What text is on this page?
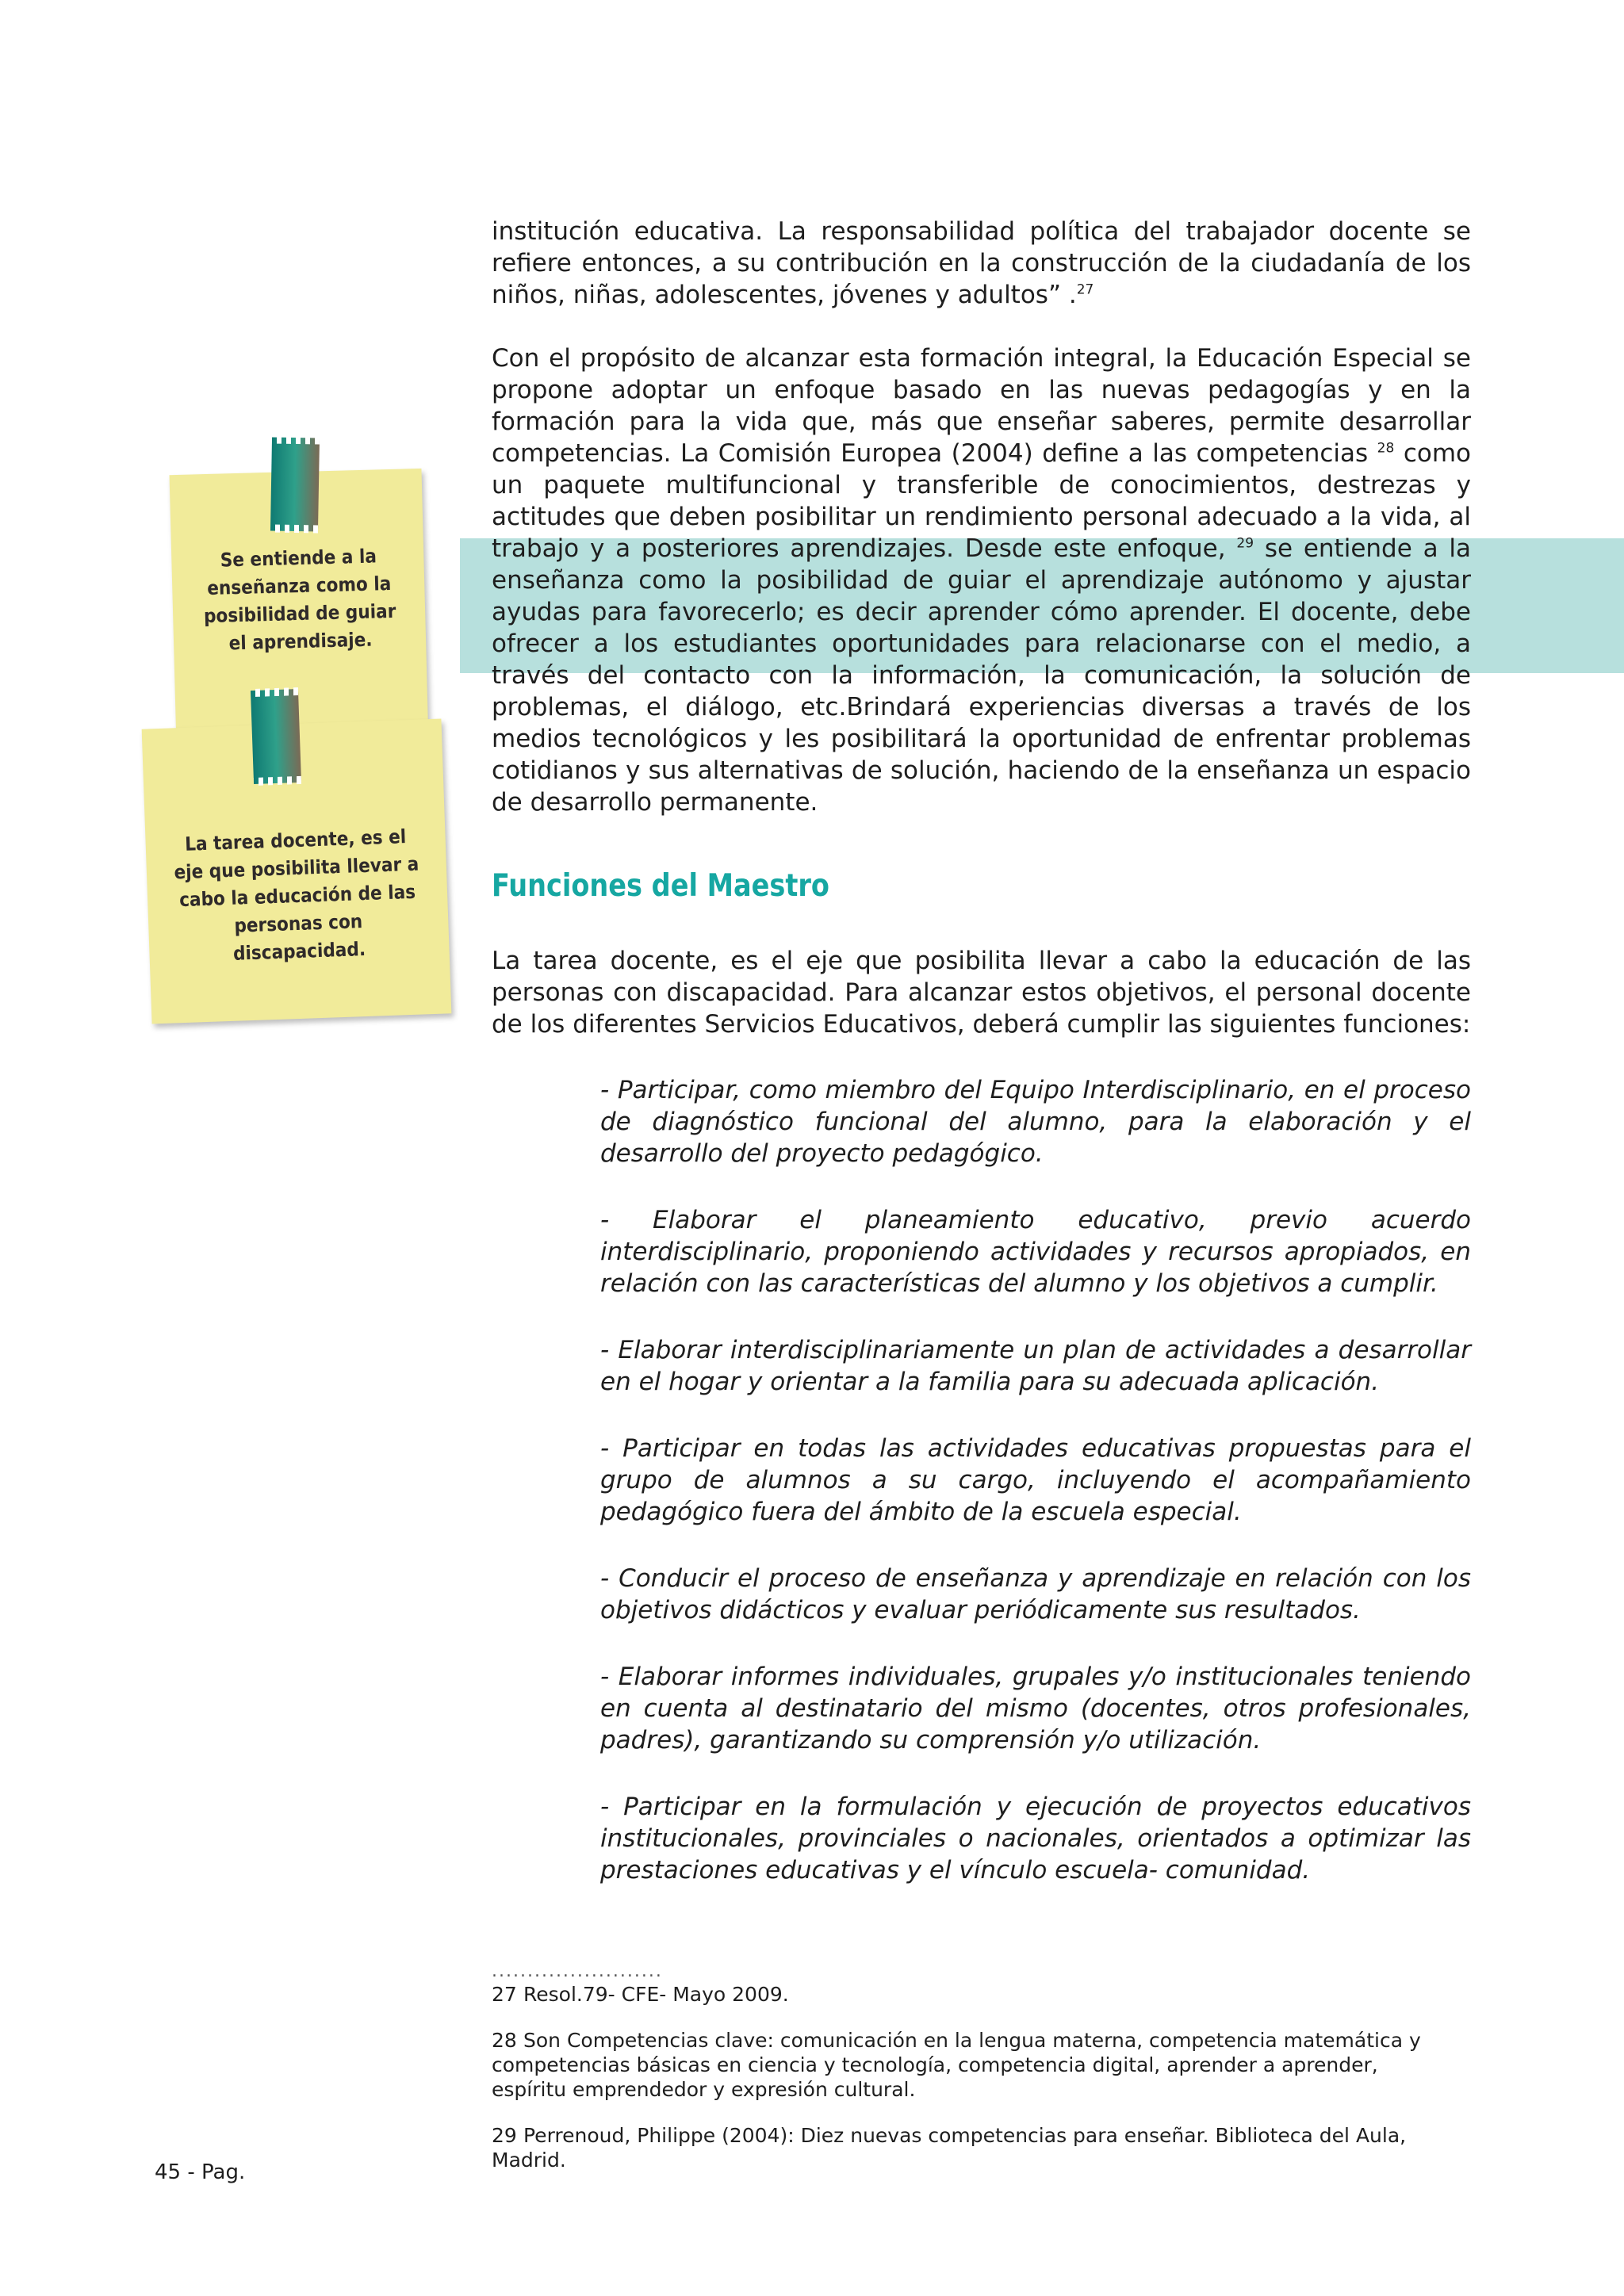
institución educativa. La responsabilidad política del trabajador docente se refiere entonces, a su contribución en la construcción de la ciudadanía de los niños, niñas, adolescentes, jóvenes y adultos” .$^{27}$

Con el propósito de alcanzar esta formación integral, la Educación Especial se propone adoptar un enfoque basado en las nuevas pedagogías y en la formación para la vida que, más que enseñar saberes, permite desarrollar competencias. La Comisión Europea (2004) define a las competencias $^{28}$ como un paquete multifuncional y transferible de conocimientos, destrezas y actitudes que deben posibilitar un rendimiento personal adecuado a la vida, al trabajo y a posteriores aprendizajes. Desde este enfoque, $^{29}$ se entiende a la enseñanza como la posibilidad de guiar el aprendizaje autónomo y ajustar ayudas para favorecerlo; es decir aprender cómo aprender. El docente, debe ofrecer a los estudiantes oportunidades para relacionarse con el medio, a través del contacto con la información, la comunicación, la solución de problemas, el diálogo, etc.Brindará experiencias diversas a través de los medios tecnológicos y les posibilitará la oportunidad de enfrentar problemas cotidianos y sus alternativas de solución, haciendo de la enseñanza un espacio de desarrollo permanente.

Funciones del Maestro

La tarea docente, es el eje que posibilita llevar a cabo la educación de las personas con discapacidad. Para alcanzar estos objetivos, el personal docente de los diferentes Servicios Educativos, deberá cumplir las siguientes funciones:

- Participar, como miembro del Equipo Interdisciplinario, en el proceso de diagnóstico funcional del alumno, para la elaboración y el desarrollo del proyecto pedagógico.

- Elaborar el planeamiento educativo, previo acuerdo interdisciplinario, proponiendo actividades y recursos apropiados, en relación con las características del alumno y los objetivos a cumplir.

- Elaborar interdisciplinariamente un plan de actividades a desarrollar en el hogar y orientar a la familia para su adecuada aplicación.

- Participar en todas las actividades educativas propuestas para el grupo de alumnos a su cargo, incluyendo el acompañamiento pedagógico fuera del ámbito de la escuela especial.

- Conducir el proceso de enseñanza y aprendizaje en relación con los objetivos didácticos y evaluar periódicamente sus resultados.

- Elaborar informes individuales, grupales y/o institucionales teniendo en cuenta al destinatario del mismo (docentes, otros profesionales, padres), garantizando su comprensión y/o utilización.

- Participar en la formulación y ejecución de proyectos educativos institucionales, provinciales o nacionales, orientados a optimizar las prestaciones educativas y el vínculo escuela- comunidad.

Se entiende a la enseñanza como la posibilidad de guiar el aprendisaje.
La tarea docente, es el eje que posibilita llevar a cabo la educación de las personas con discapacidad.
........................

27 Resol.79- CFE- Mayo 2009.

28 Son Competencias clave: comunicación en la lengua materna, competencia matemática y competencias básicas en ciencia y tecnología, competencia digital, aprender a aprender, espíritu emprendedor y expresión cultural.

29 Perrenoud, Philippe (2004): Diez nuevas competencias para enseñar. Biblioteca del Aula, Madrid.

45 - Pag.
